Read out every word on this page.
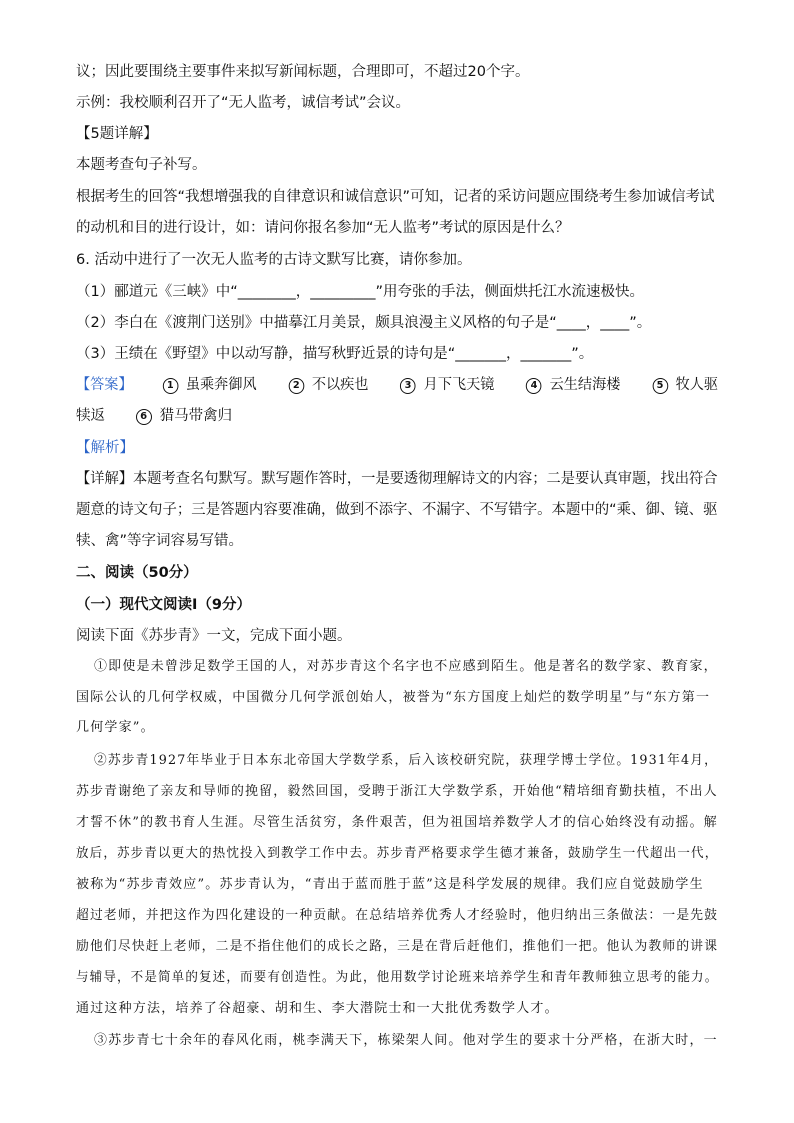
议；因此要围绕主要事件来拟写新闻标题，合理即可，不超过20个字。
示例：我校顺利召开了“无人监考，诚信考试”会议。
【5题详解】
本题考查句子补写。
根据考生的回答“我想增强我的自律意识和诚信意识”可知，记者的采访问题应围绕考生参加诚信考试
的动机和目的进行设计，如：请问你报名参加“无人监考”考试的原因是什么？
6. 活动中进行了一次无人监考的古诗文默写比赛，请你参加。
（1）郦道元《三峡》中“________，_________”用夸张的手法，侧面烘托江水流速极快。
（2）李白在《渡荆门送别》中描摹江月美景，颇具浪漫主义风格的句子是“____，____”。
（3）王绩在《野望》中以动写静，描写秋野近景的诗句是“_______，_______”。
【答案】	1 虽乘奔御风	2 不以疾也	3 月下飞天镜	4 云生结海楼	5 牧人驱
犊返	6 猎马带禽归
【解析】
【详解】本题考查名句默写。默写题作答时，一是要透彻理解诗文的内容；二是要认真审题，找出符合
题意的诗文句子；三是答题内容要准确，做到不添字、不漏字、不写错字。本题中的“乘、御、镜、驱
犊、禽”等字词容易写错。
二、阅读（50分）
（一）现代文阅读Ⅰ（9分）
阅读下面《苏步青》一文，完成下面小题。
①即使是未曾涉足数学王国的人，对苏步青这个名字也不应感到陌生。他是著名的数学家、教育家，
国际公认的几何学权威，中国微分几何学派创始人，被誉为“东方国度上灿烂的数学明星”与“东方第一
几何学家”。
②苏步青1927年毕业于日本东北帝国大学数学系，后入该校研究院，获理学博士学位。1931年4月，
苏步青谢绝了亲友和导师的挽留，毅然回国，受聘于浙江大学数学系，开始他“精培细育勤扶植，不出人
才誓不休”的教书育人生涯。尽管生活贫穷，条件艰苦，但为祖国培养数学人才的信心始终没有动摇。解
放后，苏步青以更大的热忱投入到教学工作中去。苏步青严格要求学生德才兼备，鼓励学生一代超出一代，
被称为“苏步青效应”。苏步青认为，“青出于蓝而胜于蓝”这是科学发展的规律。我们应自觉鼓励学生
超过老师，并把这作为四化建设的一种贡献。在总结培养优秀人才经验时，他归纳出三条做法：一是先鼓
励他们尽快赶上老师，二是不指住他们的成长之路，三是在背后赶他们，推他们一把。他认为教师的讲课
与辅导，不是简单的复述，而要有创造性。为此，他用数学讨论班来培养学生和青年教师独立思考的能力。
通过这种方法，培养了谷超豪、胡和生、李大潜院士和一大批优秀数学人才。
③苏步青七十余年的春风化雨，桃李满天下，栋梁架人间。他对学生的要求十分严格，在浙大时，一
